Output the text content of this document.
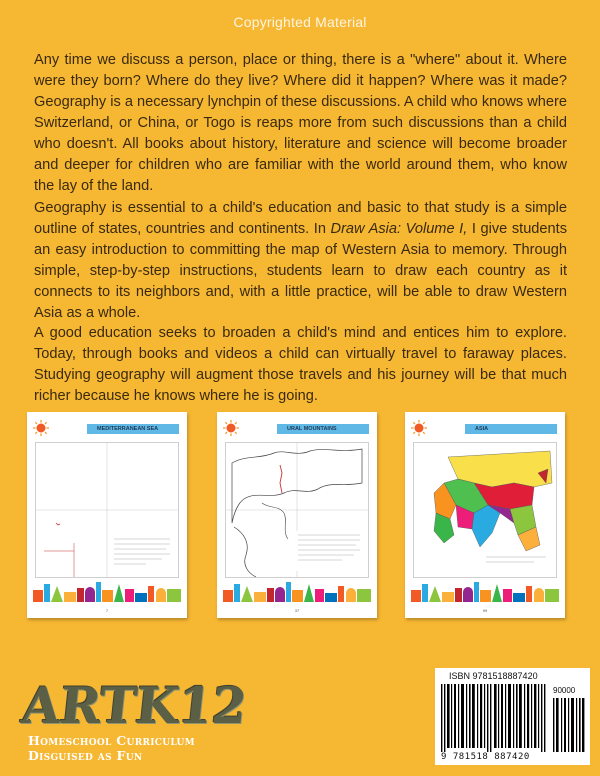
Copyrighted Material

Any time we discuss a person, place or thing, there is a "where" about it. Where were they born? Where do they live? Where did it happen? Where was it made? Geography is a necessary lynchpin of these discussions. A child who knows where Switzerland, or China, or Togo is reaps more from such discussions than a child who doesn't. All books about history, literature and science will become broader and deeper for children who are familiar with the world around them, who know the lay of the land.

Geography is essential to a child's education and basic to that study is a simple outline of states, countries and continents. In Draw Asia: Volume I, I give students an easy introduction to committing the map of Western Asia to memory. Through simple, step-by-step instructions, students learn to draw each country as it connects to its neighbors and, with a little practice, will be able to draw Western Asia as a whole.

A good education seeks to broaden a child's mind and entices him to explore. Today, through books and videos a child can virtually travel to faraway places. Studying geography will augment those travels and his journey will be that much richer because he knows where he is going.

MEDITERRANEAN SEA
7
URAL MOUNTAINS
37
ASIA
99
ARTK12
Homeschool Curriculum
Disguised as Fun
ISBN 9781518887420
90000
9 781518 887420
